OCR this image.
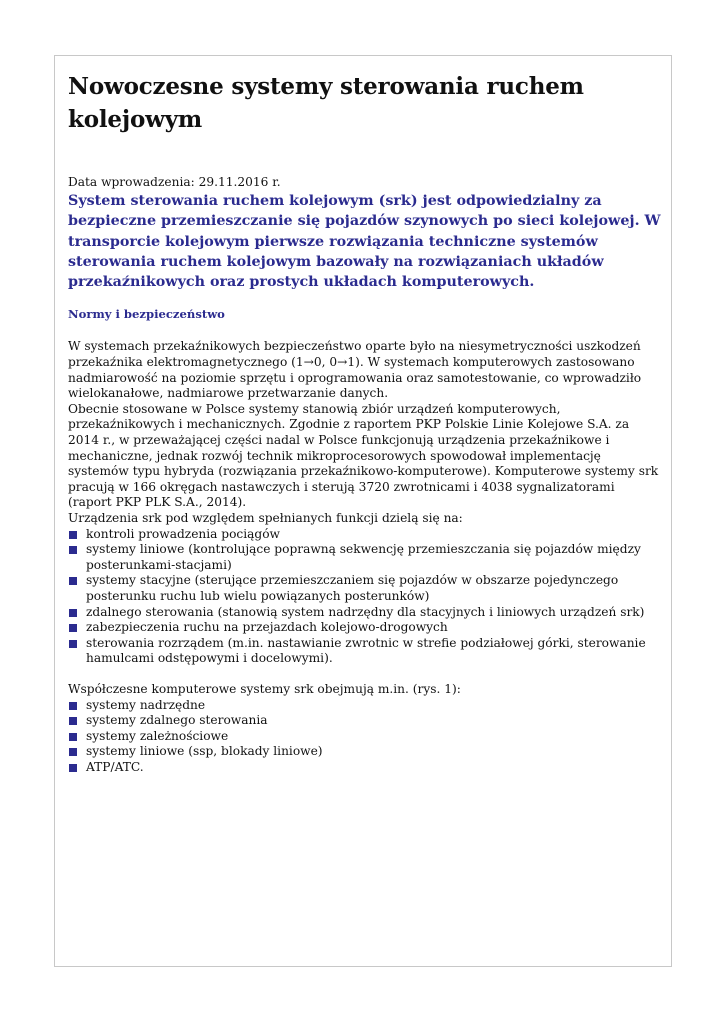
Nowoczesne systemy sterowania ruchem kolejowym
Data wprowadzenia: 29.11.2016 r.

System sterowania ruchem kolejowym (srk) jest odpowiedzialny za bezpieczne przemieszczanie się pojazdów szynowych po sieci kolejowej. W transporcie kolejowym pierwsze rozwiązania techniczne systemów sterowania ruchem kolejowym bazowały na rozwiązaniach układów przekaźnikowych oraz prostych układach komputerowych.

Normy i bezpieczeństwo
W systemach przekaźnikowych bezpieczeństwo oparte było na niesymetryczności uszkodzeń przekaźnika elektromagnetycznego (1→0, 0→1). W systemach komputerowych zastosowano nadmiarowość na poziomie sprzętu i oprogramowania oraz samotestowanie, co wprowadziło wielokanałowe, nadmiarowe przetwarzanie danych.
Obecnie stosowane w Polsce systemy stanowią zbiór urządzeń komputerowych, przekaźnikowych i mechanicznych. Zgodnie z raportem PKP Polskie Linie Kolejowe S.A. za 2014 r., w przeważającej części nadal w Polsce funkcjonują urządzenia przekaźnikowe i mechaniczne, jednak rozwój technik mikroprocesorowych spowodował implementację systemów typu hybryda (rozwiązania przekaźnikowo-komputerowe). Komputerowe systemy srk pracują w 166 okręgach nastawczych i sterują 3720 zwrotnicami i 4038 sygnalizatorami (raport PKP PLK S.A., 2014).
Urządzenia srk pod względem spełnianych funkcji dzielą się na:
kontroli prowadzenia pociągów
systemy liniowe (kontrolujące poprawną sekwencję przemieszczania się pojazdów między posterunkami-stacjami)
systemy stacyjne (sterujące przemieszczaniem się pojazdów w obszarze pojedynczego posterunku ruchu lub wielu powiązanych posterunków)
zdalnego sterowania (stanowią system nadrzędny dla stacyjnych i liniowych urządzeń srk)
zabezpieczenia ruchu na przejazdach kolejowo-drogowych
sterowania rozrządem (m.in. nastawianie zwrotnic w strefie podziałowej górki, sterowanie hamulcami odstępowymi i docelowymi).
Współczesne komputerowe systemy srk obejmują m.in. (rys. 1):
systemy nadrzędne
systemy zdalnego sterowania
systemy zależnościowe
systemy liniowe (ssp, blokady liniowe)
ATP/ATC.
